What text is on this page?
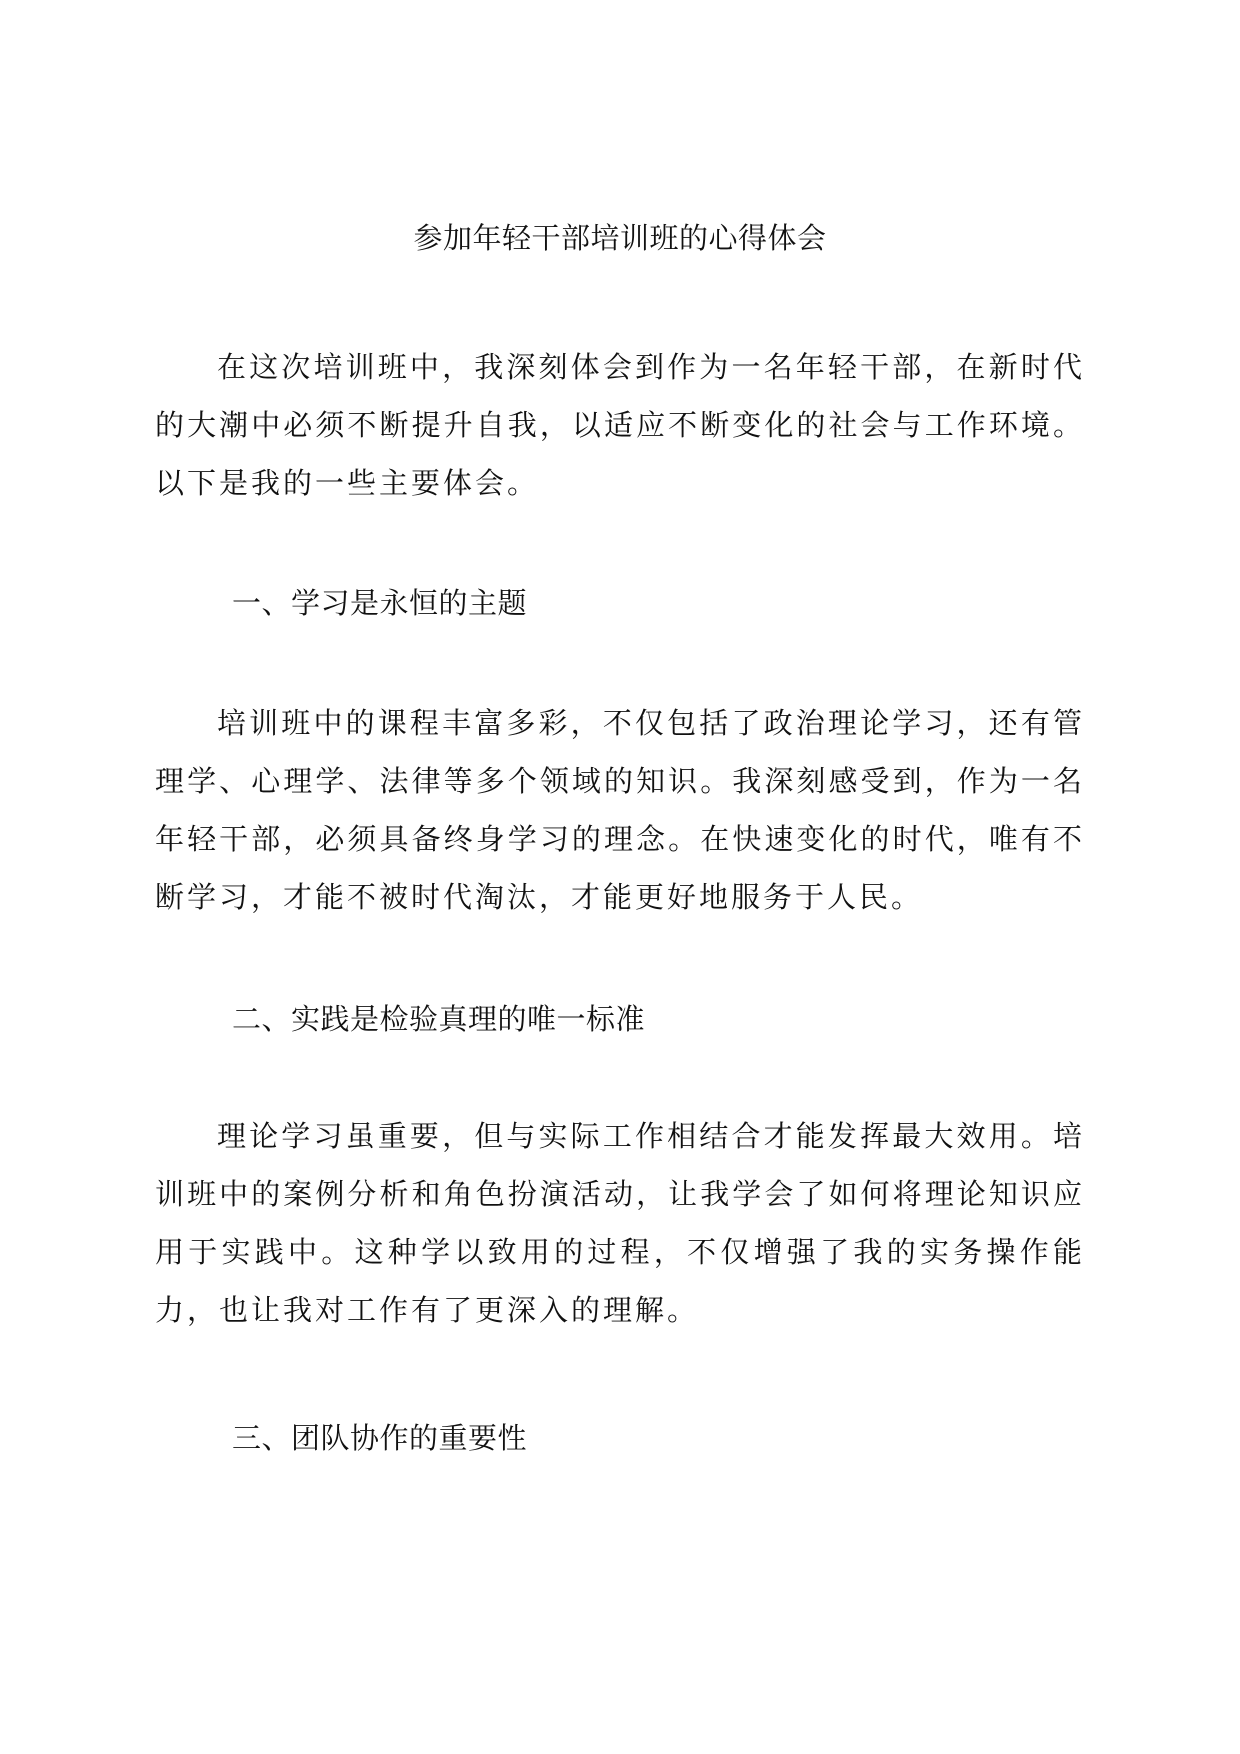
参加年轻干部培训班的心得体会
在这次培训班中，我深刻体会到作为一名年轻干部，在新时代的大潮中必须不断提升自我，以适应不断变化的社会与工作环境。以下是我的一些主要体会。
一、学习是永恒的主题
培训班中的课程丰富多彩，不仅包括了政治理论学习，还有管理学、心理学、法律等多个领域的知识。我深刻感受到，作为一名年轻干部，必须具备终身学习的理念。在快速变化的时代，唯有不断学习，才能不被时代淘汰，才能更好地服务于人民。
二、实践是检验真理的唯一标准
理论学习虽重要，但与实际工作相结合才能发挥最大效用。培训班中的案例分析和角色扮演活动，让我学会了如何将理论知识应用于实践中。这种学以致用的过程，不仅增强了我的实务操作能力，也让我对工作有了更深入的理解。
三、团队协作的重要性
